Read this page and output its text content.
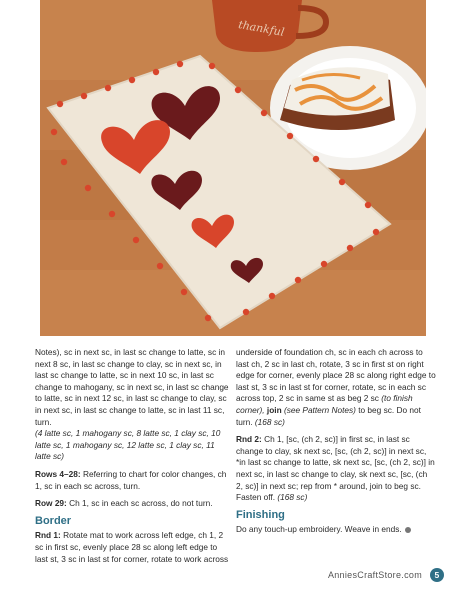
thankful

Notes), sc in next sc, in last sc change to latte, sc in next 8 sc, in last sc change to clay, sc in next sc, in last sc change to latte, sc in next 10 sc, in last sc change to mahogany, sc in next sc, in last sc change to latte, sc in next 12 sc, in last sc change to clay, sc in next sc, in last sc change to latte, sc in last 11 sc, turn.
(4 latte sc, 1 mahogany sc, 8 latte sc, 1 clay sc, 10 latte sc, 1 mahogany sc, 12 latte sc, 1 clay sc, 11 latte sc)

Rows 4–28: Referring to chart for color changes, ch 1, sc in each sc across, turn.

Row 29: Ch 1, sc in each sc across, do not turn.

Border

Rnd 1: Rotate mat to work across left edge, ch 1, 2 sc in first sc, evenly place 28 sc along left edge to last st, 3 sc in last st for corner, rotate to work across

underside of foundation ch, sc in each ch across to last ch, 2 sc in last ch, rotate, 3 sc in first st on right edge for corner, evenly place 28 sc along right edge to last st, 3 sc in last st for corner, rotate, sc in each sc across top, 2 sc in same st as beg 2 sc (to finish corner), join (see Pattern Notes) to beg sc. Do not turn. (168 sc)

Rnd 2: Ch 1, [sc, (ch 2, sc)] in first sc, in last sc change to clay, sk next sc, [sc, (ch 2, sc)] in next sc, *in last sc change to latte, sk next sc, [sc, (ch 2, sc)] in next sc, in last sc change to clay, sk next sc, [sc, (ch 2, sc)] in next sc; rep from * around, join to beg sc. Fasten off. (168 sc)

Finishing

Do any touch-up embroidery. Weave in ends.

AnniesCraftStore.com	5
